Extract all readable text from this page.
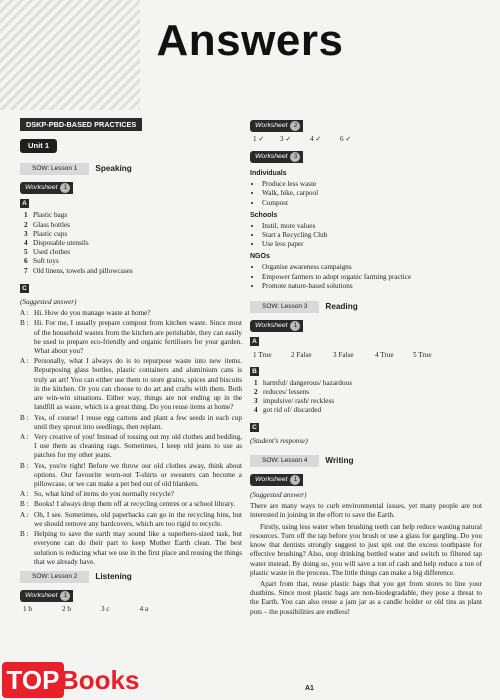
Answers
DSKP-PBD-BASED PRACTICES
Unit 1
SOW: Lesson 1	Speaking
Worksheet	1

A
1 Plastic bags
2 Glass bottles
3 Plastic cups
4 Disposable utensils
5 Used clothes
6 Soft toys
7 Old linens, towels and pillowcases
C
(Suggested answer)
A : Hi. How do you manage waste at home?
B : Hi. For me, I usually prepare compost from kitchen waste. Since most of the household wastes from the kitchen are perishable, they can easily be used to prepare eco-friendly and organic fertilisers for your garden. What about you?
A : Personally, what I always do is to repurpose waste into new items. Repurposing glass bottles, plastic containers and aluminium cans is truly an art! You can either use them to store grains, spices and biscuits in the kitchen. Or you can choose to do art and crafts with them. Both are win-win situations. Either way, things are not ending up in the landfill as waste, which is a great thing. Do you reuse items at home?
B : Yes, of course! I reuse egg cartons and plant a few seeds in each cup until they sprout into seedlings, then replant.
A : Very creative of you! Instead of tossing out my old clothes and bedding, I use them as cleaning rags. Sometimes, I keep old jeans to use as patches for my other jeans.
B : Yes, you're right! Before we throw our old clothes away, think about options. Our favourite worn-out T-shirts or sweaters can become a pillowcase, or we can make a pet bed out of old blankets.
A : So, what kind of items do you normally recycle?
B : Books! I always drop them off at recycling centres or a school library.
A : Oh, I see. Sometimes, old paperbacks can go in the recycling bins, but we should remove any hardcovers, which are too rigid to recycle.
B : Helping to save the earth may sound like a superhero-sized task, but everyone can do their part to keep Mother Earth clean. The best solution is reducing what we use in the first place and reusing the things that we already have.
SOW: Lesson 2	Listening
Worksheet	1
1 b	2 b	3 c	4 a
Worksheet	2
1 ✓	3 ✓	4 ✓	6 ✓
Worksheet	3
Individuals
• Produce less waste
• Walk, bike, carpool
• Compost
Schools
• Instil, more values
• Start a Recycling Club
• Use less paper
NGOs
• Organise awareness campaigns
• Empower farmers to adopt organic farming practice
• Promote nature-based solutions
SOW: Lesson 3	Reading
Worksheet	1

A
1 True	2 False	3 False	4 True	5 True
B
1 harmful/ dangerous/ hazardous
2 reduces/ lessens
3 impulsive/ rash/ reckless
4 got rid of/ discarded
C
(Student's response)
SOW: Lesson 4	Writing
Worksheet	1
(Suggested answer)

There are many ways to curb environmental issues, yet many people are not interested in joining in the effort to save the Earth.

Firstly, using less water when brushing teeth can help reduce wasting natural resources. Turn off the tap before you brush or use a glass for gargling. Do you know that dentists strongly suggest to just spit out the excess toothpaste for effective brushing? Also, stop drinking bottled water and switch to filtered tap water instead. By doing so, you will save a ton of cash and help reduce a ton of plastic waste in the process. The little things can make a big difference.

Apart from that, reuse plastic bags that you get from stores to line your dustbins. Since most plastic bags are non-biodegradable, they pose a threat to the Earth. You can also reuse a jam jar as a candle holder or old tins as plant pots – the possibilities are endless!

TOP Books	A1
